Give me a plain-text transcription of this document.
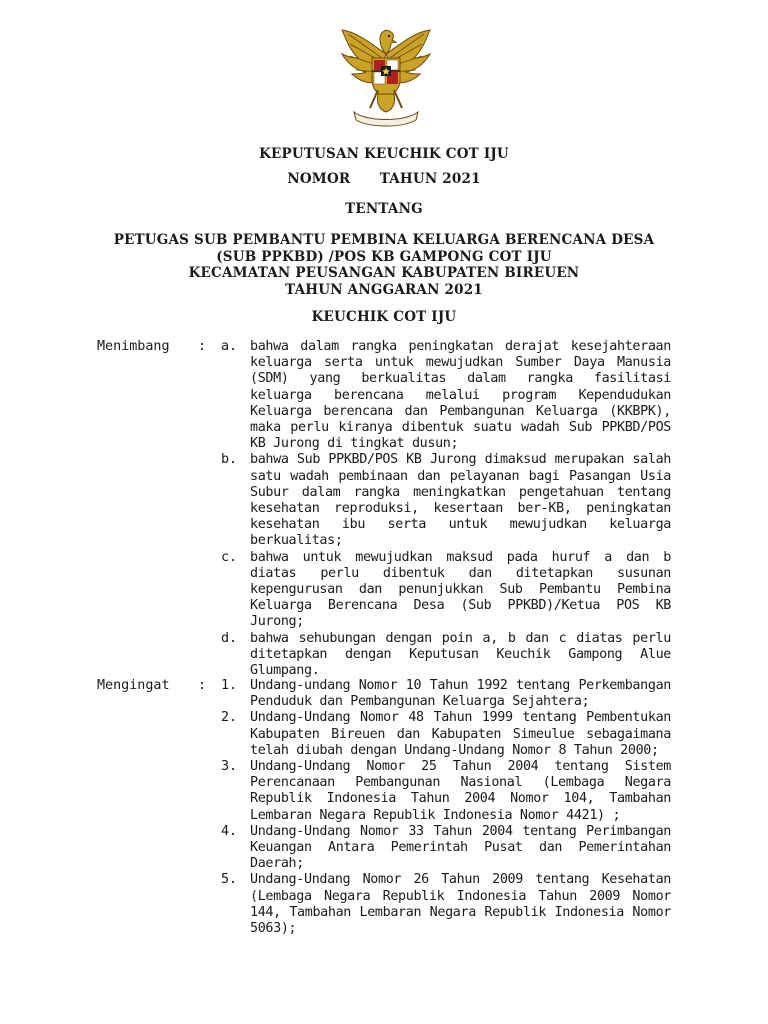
KEPUTUSAN KEUCHIK COT IJU
NOMOR      TAHUN 2021
TENTANG
PETUGAS SUB PEMBANTU PEMBINA KELUARGA BERENCANA DESA
(SUB PPKBD) /POS KB GAMPONG COT IJU
KECAMATAN PEUSANGAN KABUPATEN BIREUEN
TAHUN ANGGARAN 2021
KEUCHIK COT IJU
Menimbang : a. bahwa dalam rangka peningkatan derajat kesejahteraan keluarga serta untuk mewujudkan Sumber Daya Manusia (SDM) yang berkualitas dalam rangka fasilitasi keluarga berencana melalui program Kependudukan Keluarga berencana dan Pembangunan Keluarga (KKBPK), maka perlu kiranya dibentuk suatu wadah Sub PPKBD/POS KB Jurong di tingkat dusun;

b. bahwa Sub PPKBD/POS KB Jurong dimaksud merupakan salah satu wadah pembinaan dan pelayanan bagi Pasangan Usia Subur dalam rangka meningkatkan pengetahuan tentang kesehatan reproduksi, kesertaan ber-KB, peningkatan kesehatan ibu serta untuk mewujudkan keluarga berkualitas;

c. bahwa untuk mewujudkan maksud pada huruf a dan b diatas perlu dibentuk dan ditetapkan susunan kepengurusan dan penunjukkan Sub Pembantu Pembina Keluarga Berencana Desa (Sub PPKBD)/Ketua POS KB Jurong;

d. bahwa sehubungan dengan poin a, b dan c diatas perlu ditetapkan dengan Keputusan Keuchik Gampong Alue Glumpang.

Mengingat : 1. Undang-undang Nomor 10 Tahun 1992 tentang Perkembangan Penduduk dan Pembangunan Keluarga Sejahtera;

2. Undang-Undang Nomor 48 Tahun 1999 tentang Pembentukan Kabupaten Bireuen dan Kabupaten Simeulue sebagaimana telah diubah dengan Undang-Undang Nomor 8 Tahun 2000;

3. Undang-Undang Nomor 25 Tahun 2004 tentang Sistem Perencanaan Pembangunan Nasional (Lembaga Negara Republik Indonesia Tahun 2004 Nomor 104, Tambahan Lembaran Negara Republik Indonesia Nomor 4421) ;

4. Undang-Undang Nomor 33 Tahun 2004 tentang Perimbangan Keuangan Antara Pemerintah Pusat dan Pemerintahan Daerah;

5. Undang-Undang Nomor 26 Tahun 2009 tentang Kesehatan (Lembaga Negara Republik Indonesia Tahun 2009 Nomor 144, Tambahan Lembaran Negara Republik Indonesia Nomor 5063);
